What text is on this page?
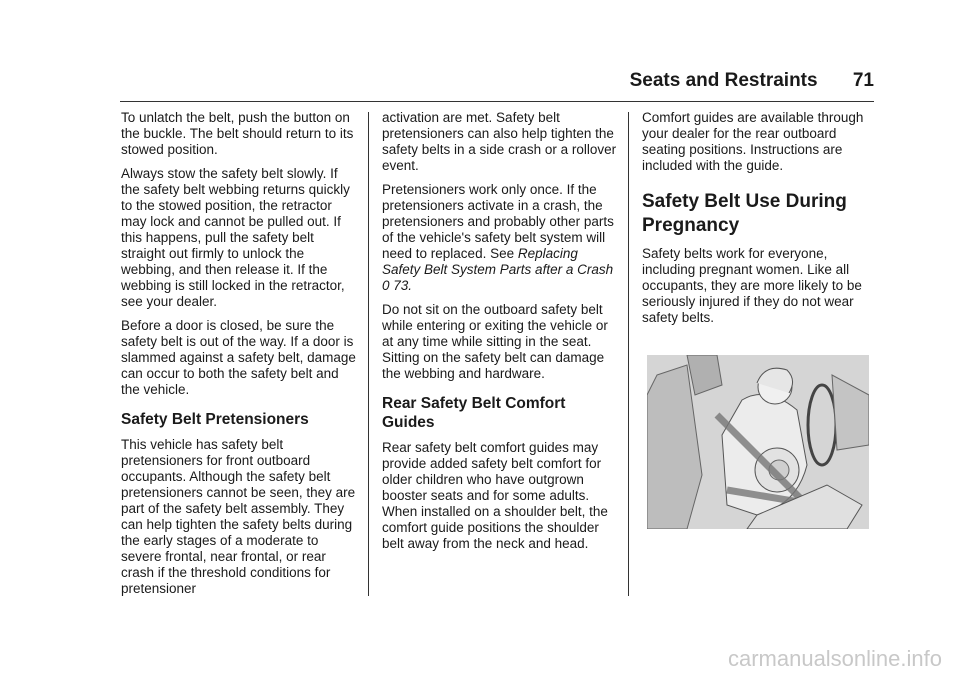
Seats and Restraints 71

To unlatch the belt, push the button on the buckle. The belt should return to its stowed position.

Always stow the safety belt slowly. If the safety belt webbing returns quickly to the stowed position, the retractor may lock and cannot be pulled out. If this happens, pull the safety belt straight out firmly to unlock the webbing, and then release it. If the webbing is still locked in the retractor, see your dealer.

Before a door is closed, be sure the safety belt is out of the way. If a door is slammed against a safety belt, damage can occur to both the safety belt and the vehicle.

Safety Belt Pretensioners

This vehicle has safety belt pretensioners for front outboard occupants. Although the safety belt pretensioners cannot be seen, they are part of the safety belt assembly. They can help tighten the safety belts during the early stages of a moderate to severe frontal, near frontal, or rear crash if the threshold conditions for pretensioner

activation are met. Safety belt pretensioners can also help tighten the safety belts in a side crash or a rollover event.

Pretensioners work only once. If the pretensioners activate in a crash, the pretensioners and probably other parts of the vehicle's safety belt system will need to replaced. See Replacing Safety Belt System Parts after a Crash 0 73.

Do not sit on the outboard safety belt while entering or exiting the vehicle or at any time while sitting in the seat. Sitting on the safety belt can damage the webbing and hardware.

Rear Safety Belt Comfort Guides

Rear safety belt comfort guides may provide added safety belt comfort for older children who have outgrown booster seats and for some adults. When installed on a shoulder belt, the comfort guide positions the shoulder belt away from the neck and head.

Comfort guides are available through your dealer for the rear outboard seating positions. Instructions are included with the guide.

Safety Belt Use During Pregnancy

Safety belts work for everyone, including pregnant women. Like all occupants, they are more likely to be seriously injured if they do not wear safety belts.

carmanualsonline.info
